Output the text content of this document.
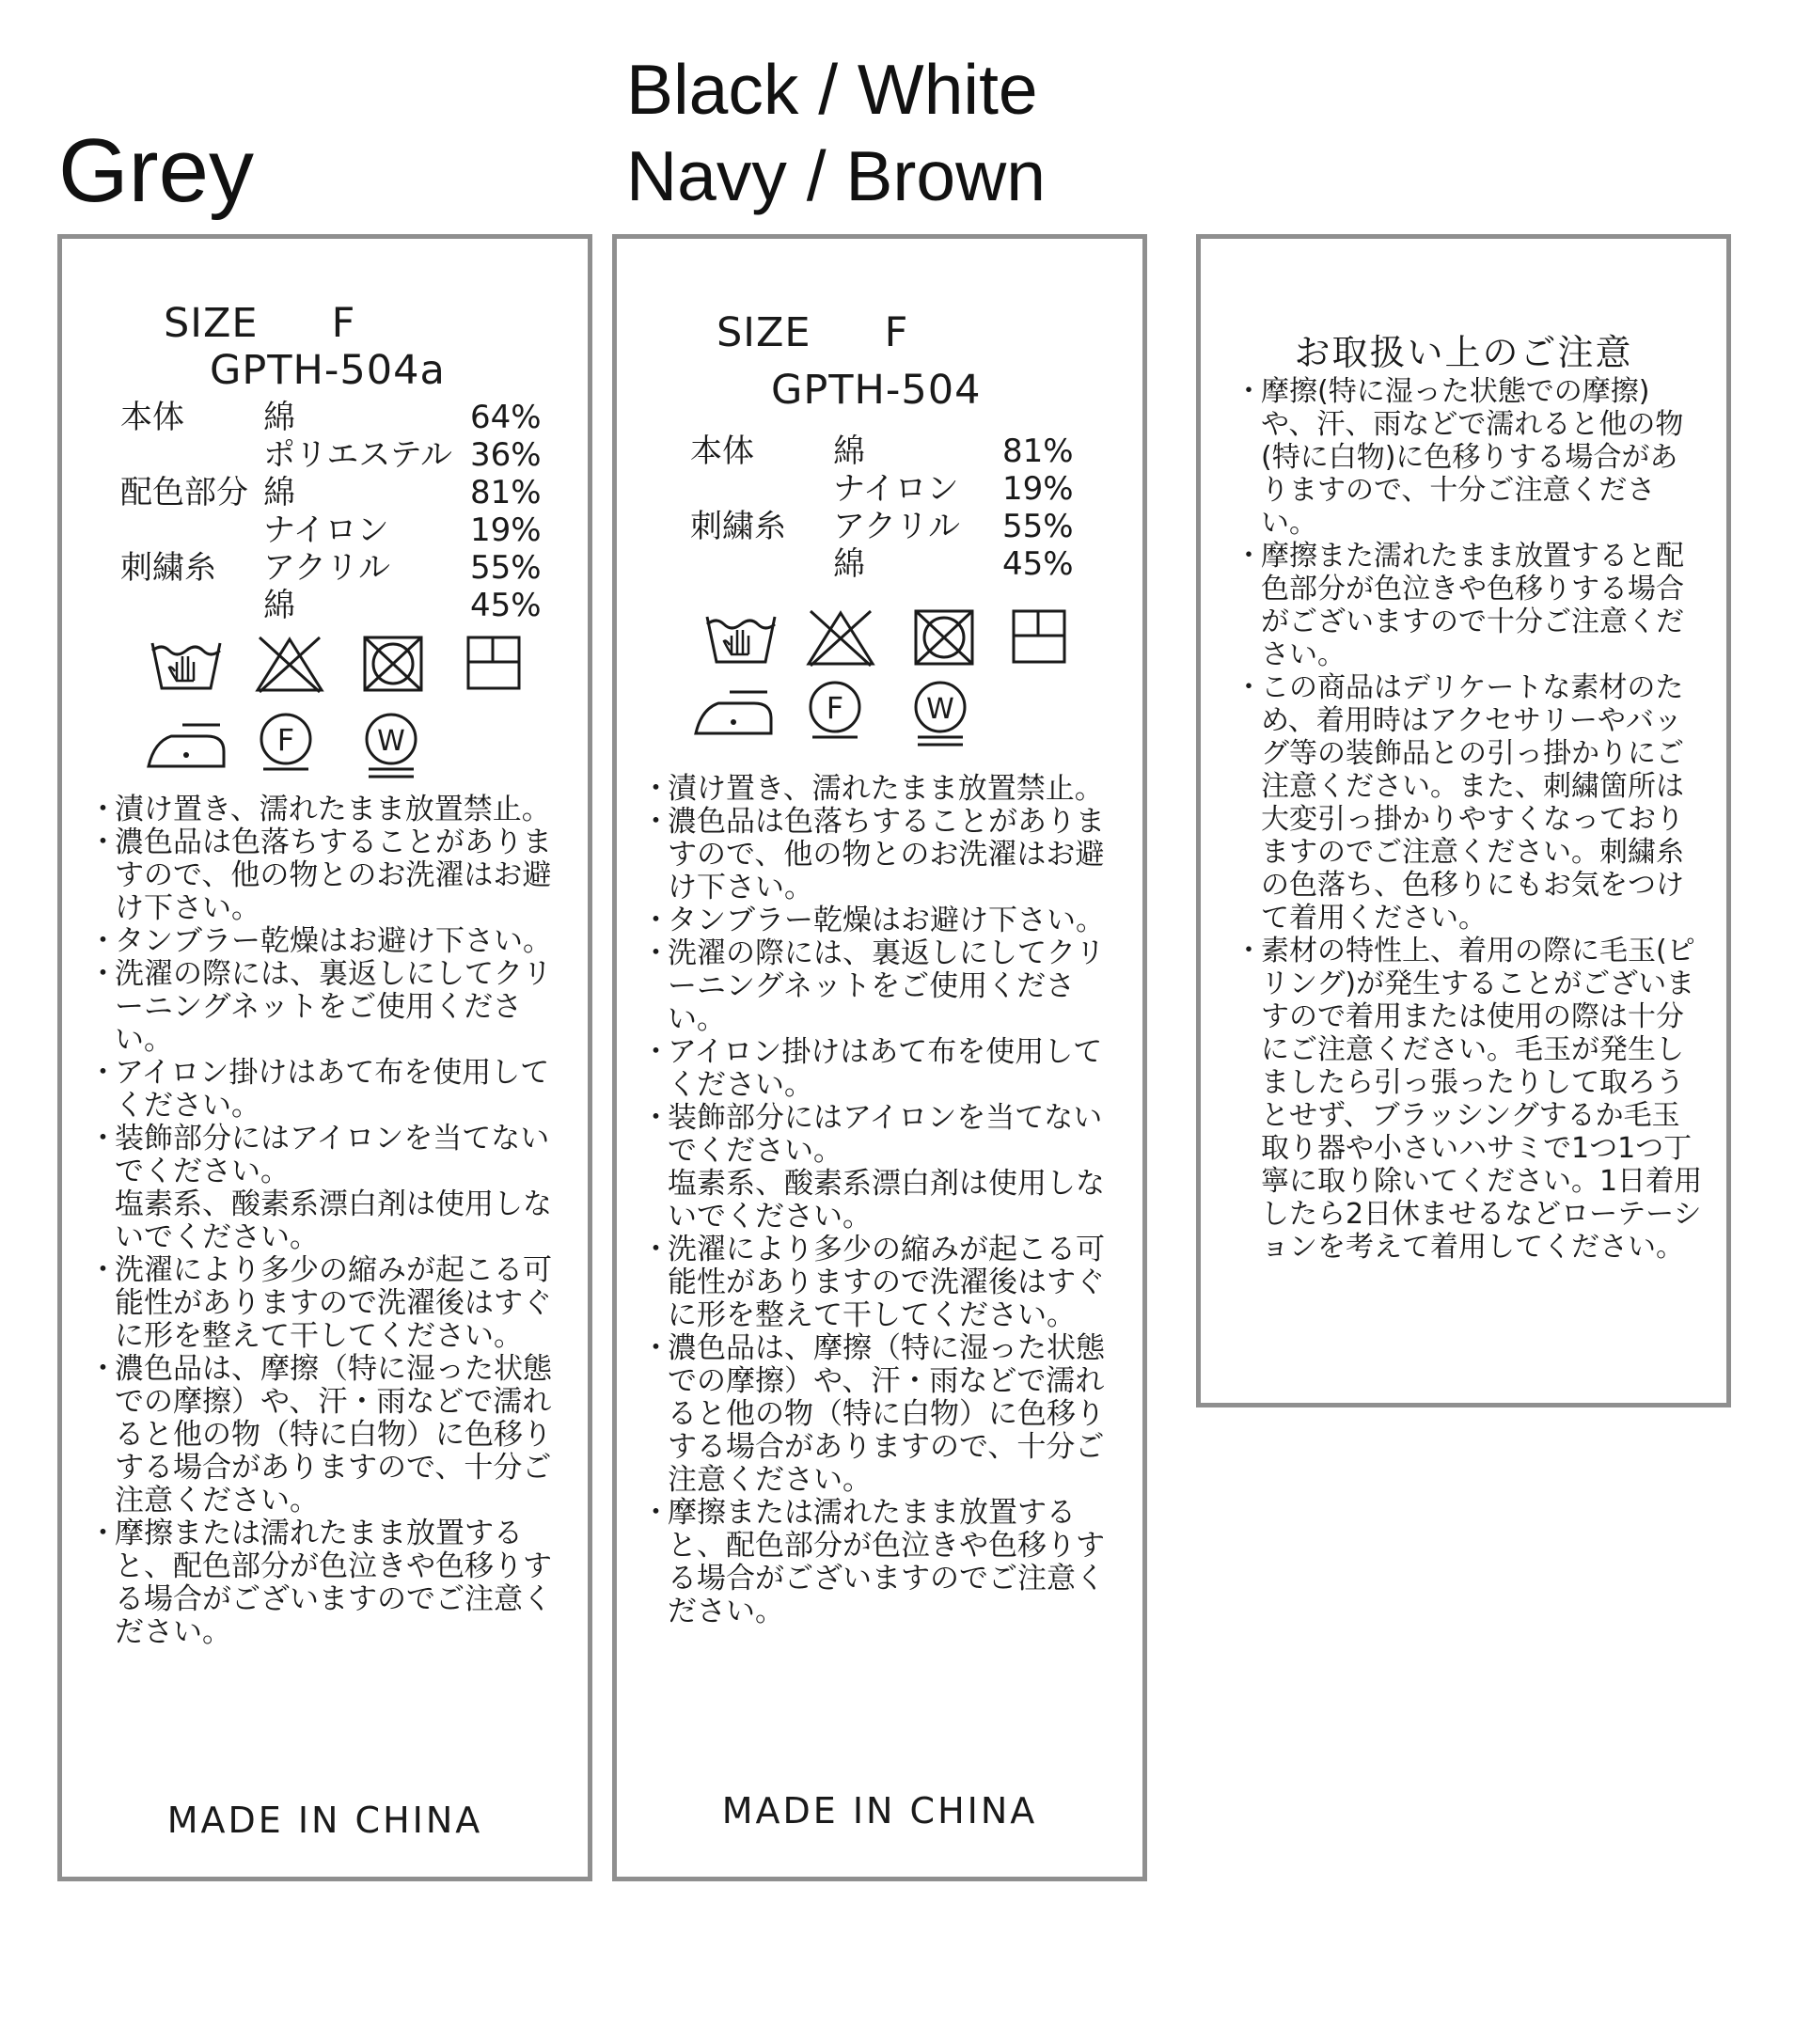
Grey
Black / White
Navy / Brown
SIZE F
GPTH-504a
本体	綿	64%
	ポリエステル	36%
配色部分	綿	81%
	ナイロン	19%
刺繍糸	アクリル	55%
	綿	45%
F	W
・
漬け置き、濡れたまま放置禁止。
・
濃色品は色落ちすることがありますので、他の物とのお洗濯はお避け下さい。
・
タンブラー乾燥はお避け下さい。
・
洗濯の際には、裏返しにしてクリーニングネットをご使用ください。
・
アイロン掛けはあて布を使用してください。
・
装飾部分にはアイロンを当てないでください。
塩素系、酸素系漂白剤は使用しないでください。
・
洗濯により多少の縮みが起こる可能性がありますので洗濯後はすぐに形を整えて干してください。
・
濃色品は、摩擦（特に湿った状態での摩擦）や、汗・雨などで濡れると他の物（特に白物）に色移りする場合がありますので、十分ご注意ください。
・
摩擦または濡れたまま放置すると、配色部分が色泣きや色移りする場合がございますのでご注意ください。
MADE IN CHINA
SIZE F
GPTH-504
本体	綿	81%
	ナイロン	19%
刺繍糸	アクリル	55%
	綿	45%
F	W
・
漬け置き、濡れたまま放置禁止。
・
濃色品は色落ちすることがありますので、他の物とのお洗濯はお避け下さい。
・
タンブラー乾燥はお避け下さい。
・
洗濯の際には、裏返しにしてクリーニングネットをご使用ください。
・
アイロン掛けはあて布を使用してください。
・
装飾部分にはアイロンを当てないでください。
塩素系、酸素系漂白剤は使用しないでください。
・
洗濯により多少の縮みが起こる可能性がありますので洗濯後はすぐに形を整えて干してください。
・
濃色品は、摩擦（特に湿った状態での摩擦）や、汗・雨などで濡れると他の物（特に白物）に色移りする場合がありますので、十分ご注意ください。
・
摩擦または濡れたまま放置すると、配色部分が色泣きや色移りする場合がございますのでご注意ください。
MADE IN CHINA
お取扱い上のご注意
・
摩擦(特に湿った状態での摩擦)や、汗、雨などで濡れると他の物(特に白物)に色移りする場合がありますので、十分ご注意ください。
・
摩擦また濡れたまま放置すると配色部分が色泣きや色移りする場合がございますので十分ご注意ください。
・
この商品はデリケートな素材のため、着用時はアクセサリーやバッグ等の装飾品との引っ掛かりにご注意ください。また、刺繍箇所は大変引っ掛かりやすくなっておりますのでご注意ください。刺繍糸の色落ち、色移りにもお気をつけて着用ください。
・
素材の特性上、着用の際に毛玉(ピリング)が発生することがございますので着用または使用の際は十分にご注意ください。毛玉が発生しましたら引っ張ったりして取ろうとせず、ブラッシングするか毛玉取り器や小さいハサミで1つ1つ丁寧に取り除いてください。1日着用したら2日休ませるなどローテーションを考えて着用してください。
